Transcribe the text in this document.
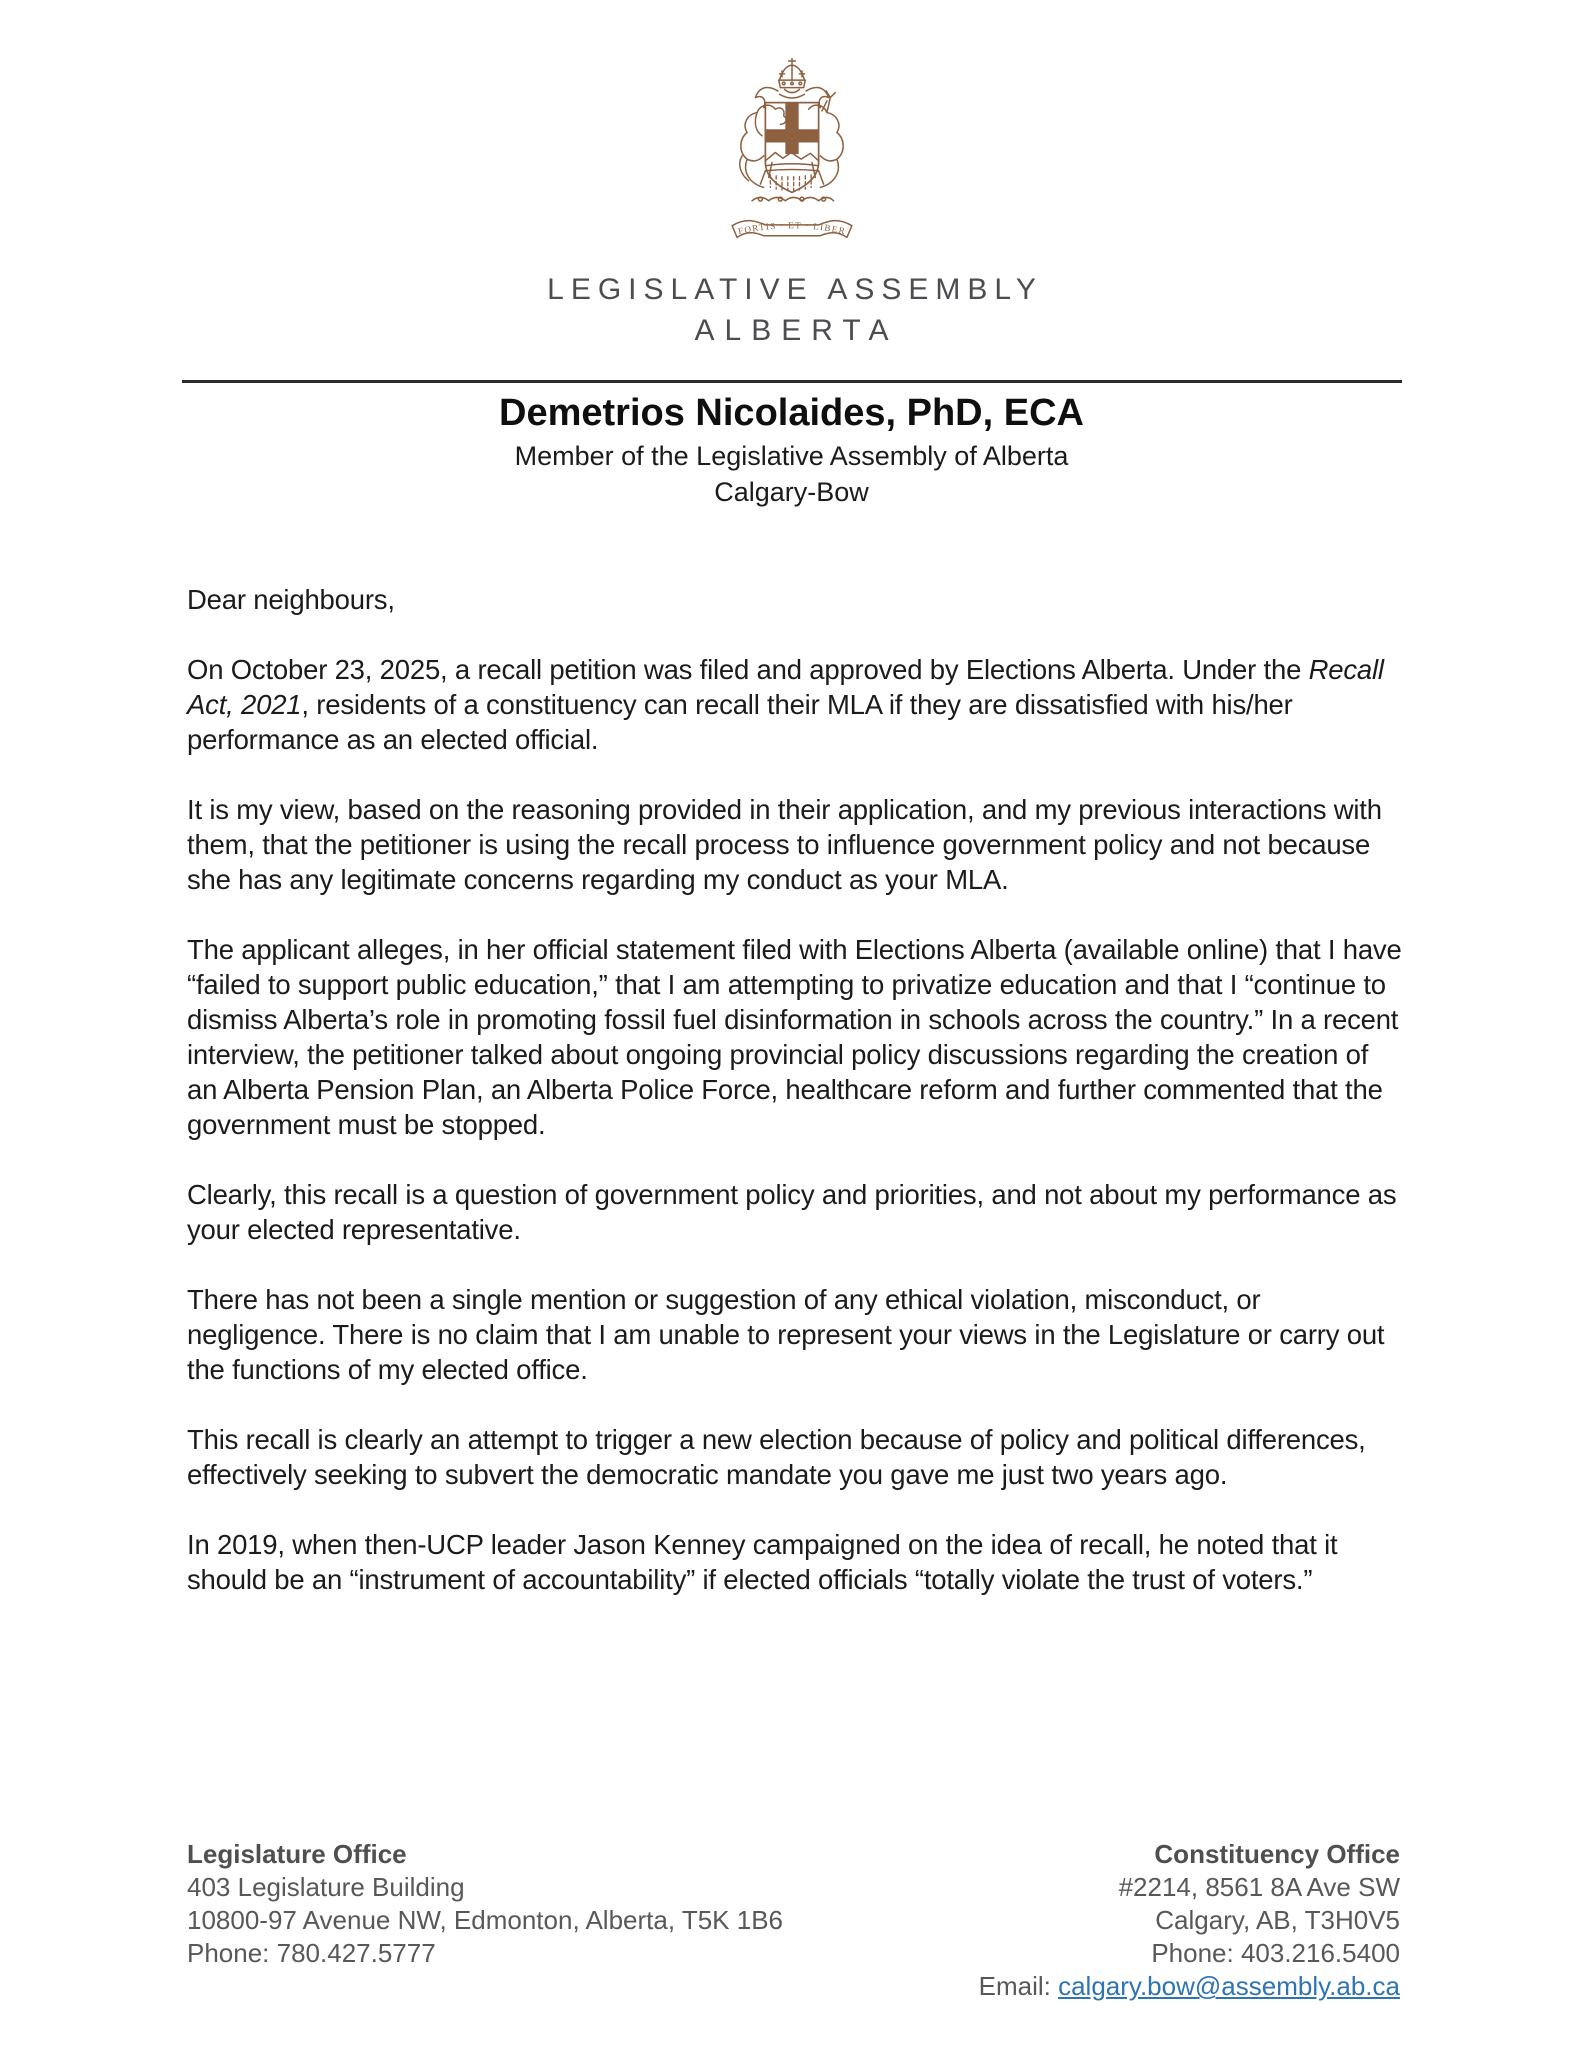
FORTIS · ET · LIBER
LEGISLATIVE ASSEMBLY
ALBERTA
Demetrios Nicolaides, PhD, ECA
Member of the Legislative Assembly of Alberta
Calgary-Bow

Dear neighbours,

On October 23, 2025, a recall petition was filed and approved by Elections Alberta. Under the Recall Act, 2021, residents of a constituency can recall their MLA if they are dissatisfied with his/her performance as an elected official.

It is my view, based on the reasoning provided in their application, and my previous interactions with them, that the petitioner is using the recall process to influence government policy and not because she has any legitimate concerns regarding my conduct as your MLA.

The applicant alleges, in her official statement filed with Elections Alberta (available online) that I have “failed to support public education,” that I am attempting to privatize education and that I “continue to dismiss Alberta’s role in promoting fossil fuel disinformation in schools across the country.” In a recent interview, the petitioner talked about ongoing provincial policy discussions regarding the creation of an Alberta Pension Plan, an Alberta Police Force, healthcare reform and further commented that the government must be stopped.

Clearly, this recall is a question of government policy and priorities, and not about my performance as your elected representative.

There has not been a single mention or suggestion of any ethical violation, misconduct, or negligence. There is no claim that I am unable to represent your views in the Legislature or carry out the functions of my elected office.

This recall is clearly an attempt to trigger a new election because of policy and political differences, effectively seeking to subvert the democratic mandate you gave me just two years ago.

In 2019, when then-UCP leader Jason Kenney campaigned on the idea of recall, he noted that it should be an “instrument of accountability” if elected officials “totally violate the trust of voters.”

Legislature Office
403 Legislature Building
10800-97 Avenue NW, Edmonton, Alberta, T5K 1B6
Phone: 780.427.5777
Constituency Office
#2214, 8561 8A Ave SW
Calgary, AB, T3H0V5
Phone: 403.216.5400
Email: calgary.bow@assembly.ab.ca
